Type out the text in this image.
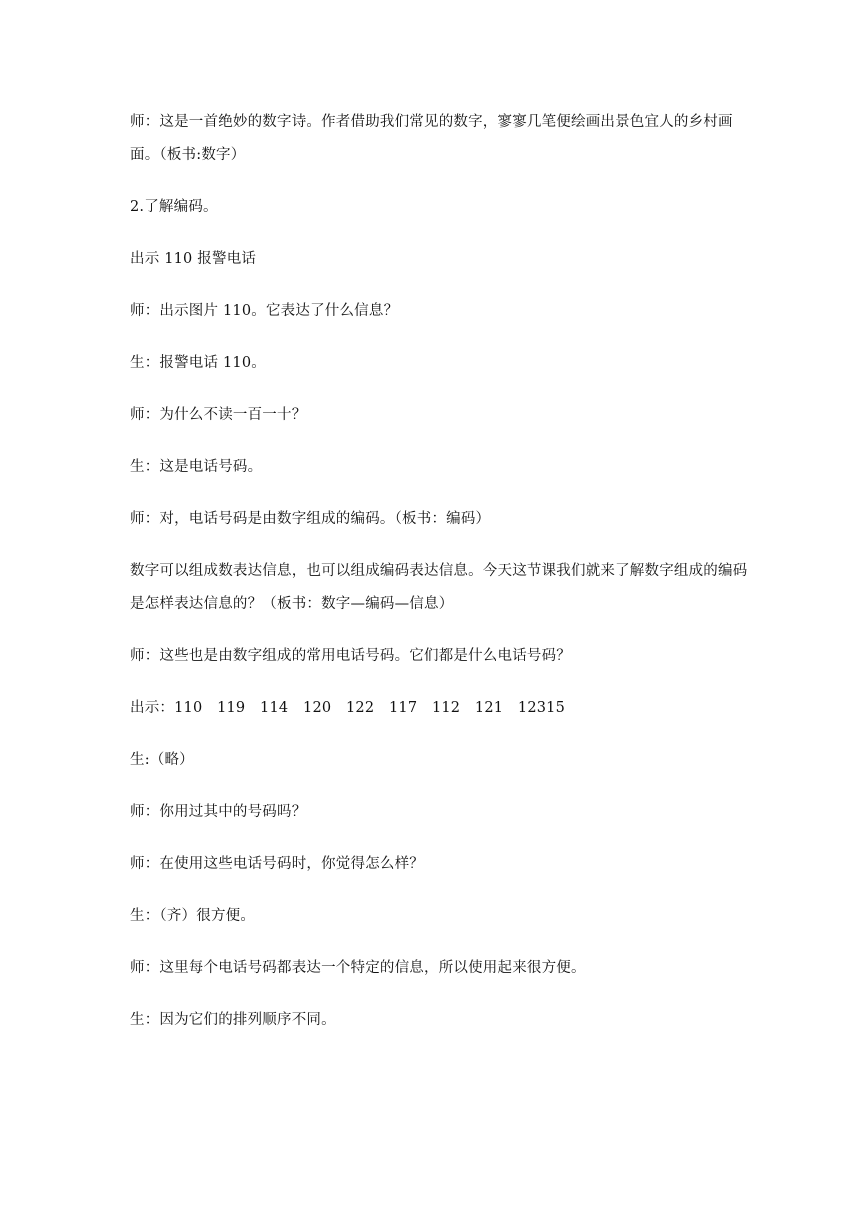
师：这是一首绝妙的数字诗。作者借助我们常见的数字，寥寥几笔便绘画出景色宜人的乡村画面。（板书:数字）

2.了解编码。

出示 110 报警电话

师：出示图片 110。它表达了什么信息？

生：报警电话 110。

师：为什么不读一百一十？

生：这是电话号码。

师：对，电话号码是由数字组成的编码。（板书：编码）

数字可以组成数表达信息，也可以组成编码表达信息。今天这节课我们就来了解数字组成的编码是怎样表达信息的？（板书：数字—编码—信息）

师：这些也是由数字组成的常用电话号码。它们都是什么电话号码？

出示：110　119　114　120　122　117　112　121　12315

生:（略）

师：你用过其中的号码吗？

师：在使用这些电话号码时，你觉得怎么样？

生：（齐）很方便。

师：这里每个电话号码都表达一个特定的信息，所以使用起来很方便。

生：因为它们的排列顺序不同。
